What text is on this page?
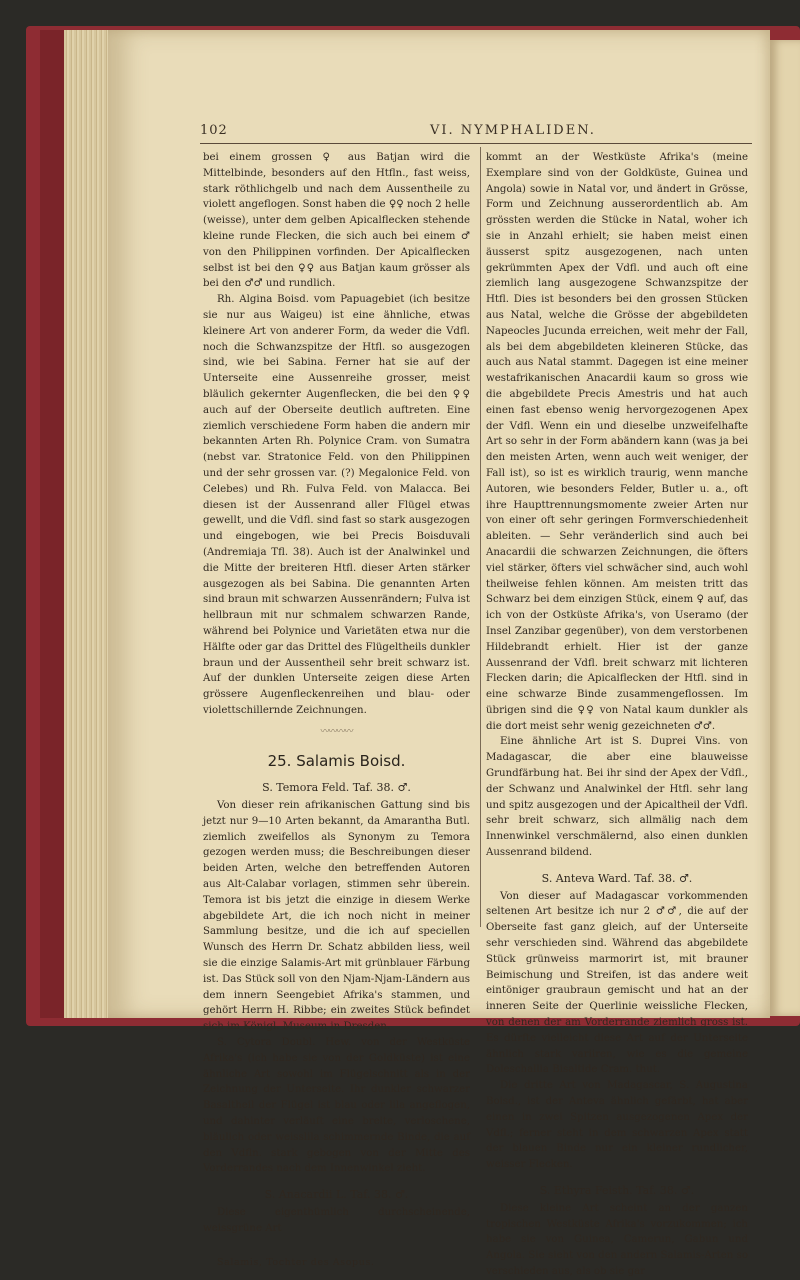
102	VI. NYMPHALIDEN.

bei einem grossen ♀ aus Batjan wird die Mittelbinde, besonders auf den Htfln., fast weiss, stark röthlichgelb und nach dem Aussentheile zu violett angeflogen. Sonst haben die ♀♀ noch 2 helle (weisse), unter dem gelben Apicalflecken stehende kleine runde Flecken, die sich auch bei einem ♂ von den Philippinen vorfinden. Der Apicalflecken selbst ist bei den ♀♀ aus Batjan kaum grösser als bei den ♂♂ und rundlich.

Rh. Algina Boisd. vom Papuagebiet (ich besitze sie nur aus Waigeu) ist eine ähnliche, etwas kleinere Art von anderer Form, da weder die Vdfl. noch die Schwanzspitze der Htfl. so ausgezogen sind, wie bei Sabina. Ferner hat sie auf der Unterseite eine Aussenreihe grosser, meist bläulich gekernter Augenflecken, die bei den ♀♀ auch auf der Oberseite deutlich auftreten. Eine ziemlich verschiedene Form haben die andern mir bekannten Arten Rh. Polynice Cram. von Sumatra (nebst var. Stratonice Feld. von den Philippinen und der sehr grossen var. (?) Megalonice Feld. von Celebes) und Rh. Fulva Feld. von Malacca. Bei diesen ist der Aussenrand aller Flügel etwas gewellt, und die Vdfl. sind fast so stark ausgezogen und eingebogen, wie bei Precis Boisduvali (Andremiaja Tfl. 38). Auch ist der Analwinkel und die Mitte der breiteren Htfl. dieser Arten stärker ausgezogen als bei Sabina. Die genannten Arten sind braun mit schwarzen Aussenrändern; Fulva ist hellbraun mit nur schmalem schwarzen Rande, während bei Polynice und Varietäten etwa nur die Hälfte oder gar das Drittel des Flügeltheils dunkler braun und der Aussentheil sehr breit schwarz ist. Auf der dunklen Unterseite zeigen diese Arten grössere Augenfleckenreihen und blau- oder violettschillernde Zeichnungen.

〰〰〰〰

25. Salamis Boisd.

S. Temora Feld. Taf. 38. ♂.

Von dieser rein afrikanischen Gattung sind bis jetzt nur 9—10 Arten bekannt, da Amarantha Butl. ziemlich zweifellos als Synonym zu Temora gezogen werden muss; die Beschreibungen dieser beiden Arten, welche den betreffenden Autoren aus Alt-Calabar vorlagen, stimmen sehr überein. Temora ist bis jetzt die einzige in diesem Werke abgebildete Art, die ich noch nicht in meiner Sammlung besitze, und die ich auf speciellen Wunsch des Herrn Dr. Schatz abbilden liess, weil sie die einzige Salamis-Art mit grünblauer Färbung ist. Das Stück soll von den Njam-Njam-Ländern aus dem innern Seengebiet Afrika's stammen, und gehört Herrn H. Ribbe; ein zweites Stück befindet sich im Königl. Museum in Dresden.

S. Cytora Doubl. Hew. von der Westküste Afrika's (ich habe sie von der Goldküste) ist eine ähnliche Art sowohl im Flügelschnitt als in der Zeichnung der Unterseite. Ihr dunkler schwarzer Basaltheil der Flügel ist blau oder lila angeflogen, und dahinter verläuft eine breite, verloschene, bläulich oder weisslila schimmernde Binde, die auf den Vdfln. stark gebogen von der Mitte des Vorderrandes nach dem Innenwinkel zieht.

S. Anacardii L. Taf. 38. ♂.

Diese eigenthümlich durchscheinende, weissgrüne Art

Salamis, Tochter des Asopus.

kommt an der Westküste Afrika's (meine Exemplare sind von der Goldküste, Guinea und Angola) sowie in Natal vor, und ändert in Grösse, Form und Zeichnung ausserordentlich ab. Am grössten werden die Stücke in Natal, woher ich sie in Anzahl erhielt; sie haben meist einen äusserst spitz ausgezogenen, nach unten gekrümmten Apex der Vdfl. und auch oft eine ziemlich lang ausgezogene Schwanzspitze der Htfl. Dies ist besonders bei den grossen Stücken aus Natal, welche die Grösse der abgebildeten Napeocles Jucunda erreichen, weit mehr der Fall, als bei dem abgebildeten kleineren Stücke, das auch aus Natal stammt. Dagegen ist eine meiner westafrikanischen Anacardii kaum so gross wie die abgebildete Precis Amestris und hat auch einen fast ebenso wenig hervorgezogenen Apex der Vdfl. Wenn ein und dieselbe unzweifelhafte Art so sehr in der Form abändern kann (was ja bei den meisten Arten, wenn auch weit weniger, der Fall ist), so ist es wirklich traurig, wenn manche Autoren, wie besonders Felder, Butler u. a., oft ihre Haupttrennungsmomente zweier Arten nur von einer oft sehr geringen Formverschiedenheit ableiten. — Sehr veränderlich sind auch bei Anacardii die schwarzen Zeichnungen, die öfters viel stärker, öfters viel schwächer sind, auch wohl theilweise fehlen können. Am meisten tritt das Schwarz bei dem einzigen Stück, einem ♀ auf, das ich von der Ostküste Afrika's, von Useramo (der Insel Zanzibar gegenüber), von dem verstorbenen Hildebrandt erhielt. Hier ist der ganze Aussenrand der Vdfl. breit schwarz mit lichteren Flecken darin; die Apicalflecken der Htfl. sind in eine schwarze Binde zusammengeflossen. Im übrigen sind die ♀♀ von Natal kaum dunkler als die dort meist sehr wenig gezeichneten ♂♂.

Eine ähnliche Art ist S. Duprei Vins. von Madagascar, die aber eine blauweisse Grundfärbung hat. Bei ihr sind der Apex der Vdfl., der Schwanz und Analwinkel der Htfl. sehr lang und spitz ausgezogen und der Apicaltheil der Vdfl. sehr breit schwarz, sich allmälig nach dem Innenwinkel verschmälernd, also einen dunklen Aussenrand bildend.

S. Anteva Ward. Taf. 38. ♂.

Von dieser auf Madagascar vorkommenden seltenen Art besitze ich nur 2 ♂♂, die auf der Oberseite fast ganz gleich, auf der Unterseite sehr verschieden sind. Während das abgebildete Stück grünweiss marmorirt ist, mit brauner Beimischung und Streifen, ist das andere weit eintöniger graubraun gemischt und hat an der inneren Seite der Querlinie weissliche Flecken, von denen der am Vorderrande ziemlich gross ist. Es dürfte vielleicht diese Art auf der Unterseite ähnlich stark variiren, wie es die gemeine Doleschallia Bisaltide Cram. thut.

Die dritte Art von Madagascar, S. Augustina Boisd., ist der Anteva ähnlich gefärbt, hat aber einen in zwei Spitzen ausgezogenen Apex der Vdfl.; ferner steht in dem schwarzen Apex statt der blauen Binde nur ein kleiner rundlicher, weisser Flecken.

S. Ethyra Feisth. Taf. 38. ♂.

Diese kleine Art scheint an der ganzen tropischen Westküste Afrika's vorzukommen; ich habe sie von Guinea, Camerun, Gabun und Angola. Sie sieht von den andern Salamis-Arten so verschieden aus, als ob sie gar
